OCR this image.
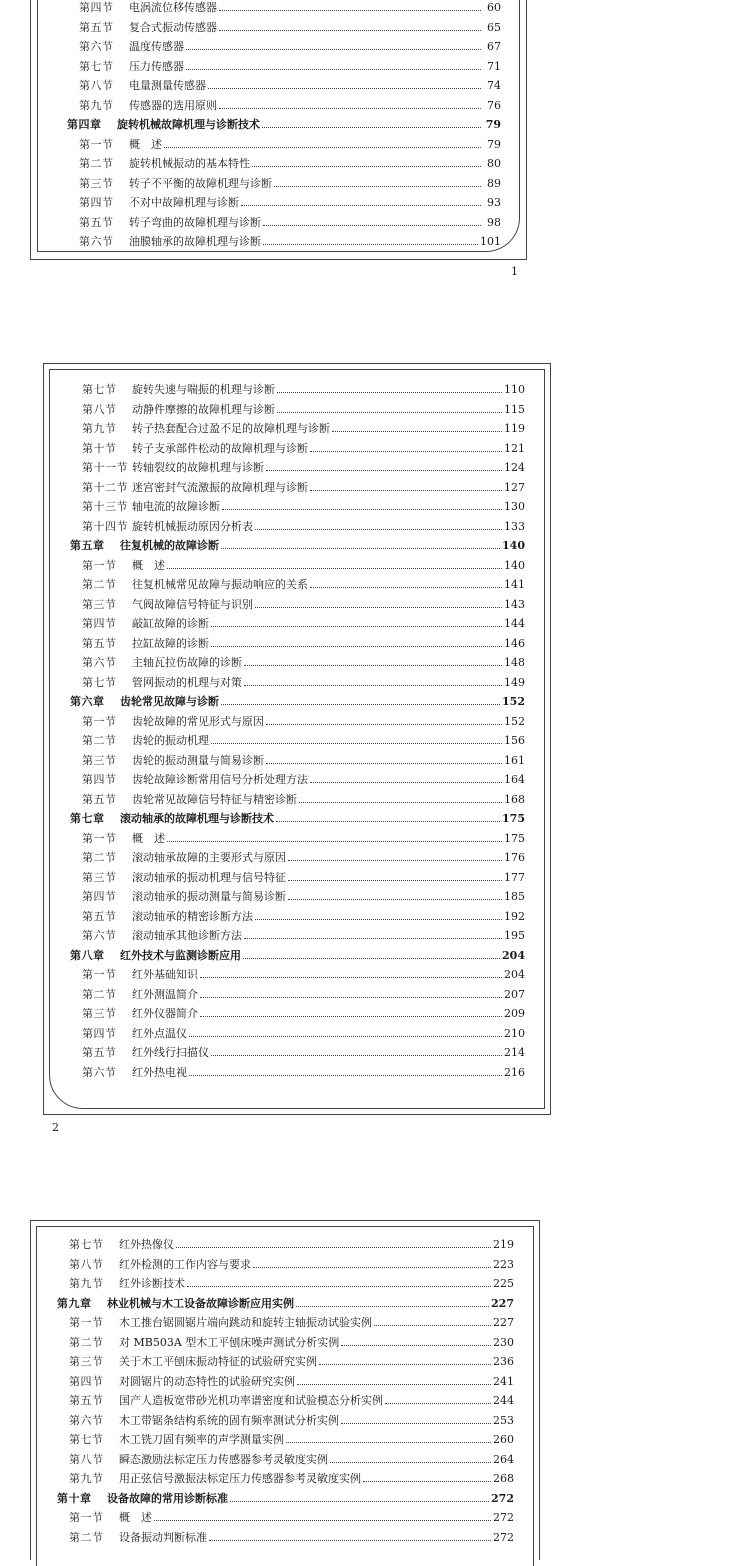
第四节	电涡流位移传感器	60
第五节	复合式振动传感器	65
第六节	温度传感器	67
第七节	压力传感器	71
第八节	电量测量传感器	74
第九节	传感器的选用原则	76
第四章	旋转机械故障机理与诊断技术	79
第一节	概　述	79
第二节	旋转机械振动的基本特性	80
第三节	转子不平衡的故障机理与诊断	89
第四节	不对中故障机理与诊断	93
第五节	转子弯曲的故障机理与诊断	98
第六节	油膜轴承的故障机理与诊断	101
第七节	旋转失速与喘振的机理与诊断	110
第八节	动静件摩擦的故障机理与诊断	115
第九节	转子热套配合过盈不足的故障机理与诊断	119
第十节	转子支承部件松动的故障机理与诊断	121
第十一节 转轴裂纹的故障机理与诊断	124
第十二节 迷宫密封气流激振的故障机理与诊断	127
第十三节 轴电流的故障诊断	130
第十四节 旋转机械振动原因分析表	133
第五章	往复机械的故障诊断	140
第一节	概　述	140
第二节	往复机械常见故障与振动响应的关系	141
第三节	气阀故障信号特征与识别	143
第四节	敲缸故障的诊断	144
第五节	拉缸故障的诊断	146
第六节	主轴瓦拉伤故障的诊断	148
第七节	管网振动的机理与对策	149
第六章	齿轮常见故障与诊断	152
第一节	齿轮故障的常见形式与原因	152
第二节	齿轮的振动机理	156
第三节	齿轮的振动测量与简易诊断	161
第四节	齿轮故障诊断常用信号分析处理方法	164
第五节	齿轮常见故障信号特征与精密诊断	168
第七章	滚动轴承的故障机理与诊断技术	175
第一节	概　述	175
第二节	滚动轴承故障的主要形式与原因	176
第三节	滚动轴承的振动机理与信号特征	177
第四节	滚动轴承的振动测量与简易诊断	185
第五节	滚动轴承的精密诊断方法	192
第六节	滚动轴承其他诊断方法	195
第八章	红外技术与监测诊断应用	204
第一节	红外基础知识	204
第二节	红外测温简介	207
第三节	红外仪器简介	209
第四节	红外点温仪	210
第五节	红外线行扫描仪	214
第六节	红外热电视	216
第七节	红外热像仪	219
第八节	红外检测的工作内容与要求	223
第九节	红外诊断技术	225
第九章	林业机械与木工设备故障诊断应用实例	227
第一节	木工推台锯圆锯片端向跳动和旋转主轴振动试验实例	227
第二节	对 MB503A 型木工平刨床噪声测试分析实例	230
第三节	关于木工平刨床振动特征的试验研究实例	236
第四节	对圆锯片的动态特性的试验研究实例	241
第五节	国产人造板宽带砂光机功率谱密度和试验模态分析实例	244
第六节	木工带锯条结构系统的固有频率测试分析实例	253
第七节	木工铣刀固有频率的声学测量实例	260
第八节	瞬态激励法标定压力传感器参考灵敏度实例	264
第九节	用正弦信号激振法标定压力传感器参考灵敏度实例	268
第十章	设备故障的常用诊断标准	272
第一节	概　述	272
第二节	设备振动判断标准	272
1
2
